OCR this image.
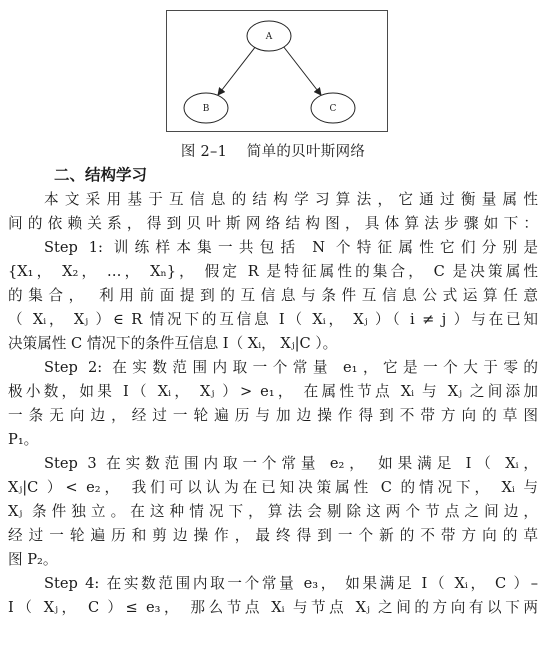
A
B	C
图 2–1 简单的贝叶斯网络
二、结构学习
本文采用基于互信息的结构学习算法，它通过衡量属性
间的依赖关系，得到贝叶斯网络结构图，具体算法步骤如下：
Step 1: 训练样本集一共包括 N 个特征属性它们分别是
{X₁， X₂， …， Xₙ}， 假定 R 是特征属性的集合， C 是决策属性
的集合， 利用前面提到的互信息与条件互信息公式运算任意
（ Xᵢ， Xⱼ ）∈ R 情况下的互信息 I（ Xᵢ， Xⱼ ）（ i ≠ j ）与在已知
决策属性 C 情况下的条件互信息 I（ Xᵢ， Xⱼ|C ）。
Step 2: 在实数范围内取一个常量 e₁，它是一个大于零的
极小数，如果 I（ Xᵢ， Xⱼ ）> e₁， 在属性节点 Xᵢ 与 Xⱼ 之间添加
一条无向边，经过一轮遍历与加边操作得到不带方向的草图
P₁。
Step 3 在实数范围内取一个常量 e₂， 如果满足 I（ Xᵢ，
Xⱼ|C ）< e₂， 我们可以认为在已知决策属性 C 的情况下， Xᵢ 与
Xⱼ 条件独立。在这种情况下，算法会剔除这两个节点之间边，
经过一轮遍历和剪边操作，最终得到一个新的不带方向的草
图 P₂。
Step 4: 在实数范围内取一个常量 e₃， 如果满足 I（ Xᵢ， C ）–
I（ Xⱼ， C ）≤ e₃， 那么节点 Xᵢ 与节点 Xⱼ 之间的方向有以下两
